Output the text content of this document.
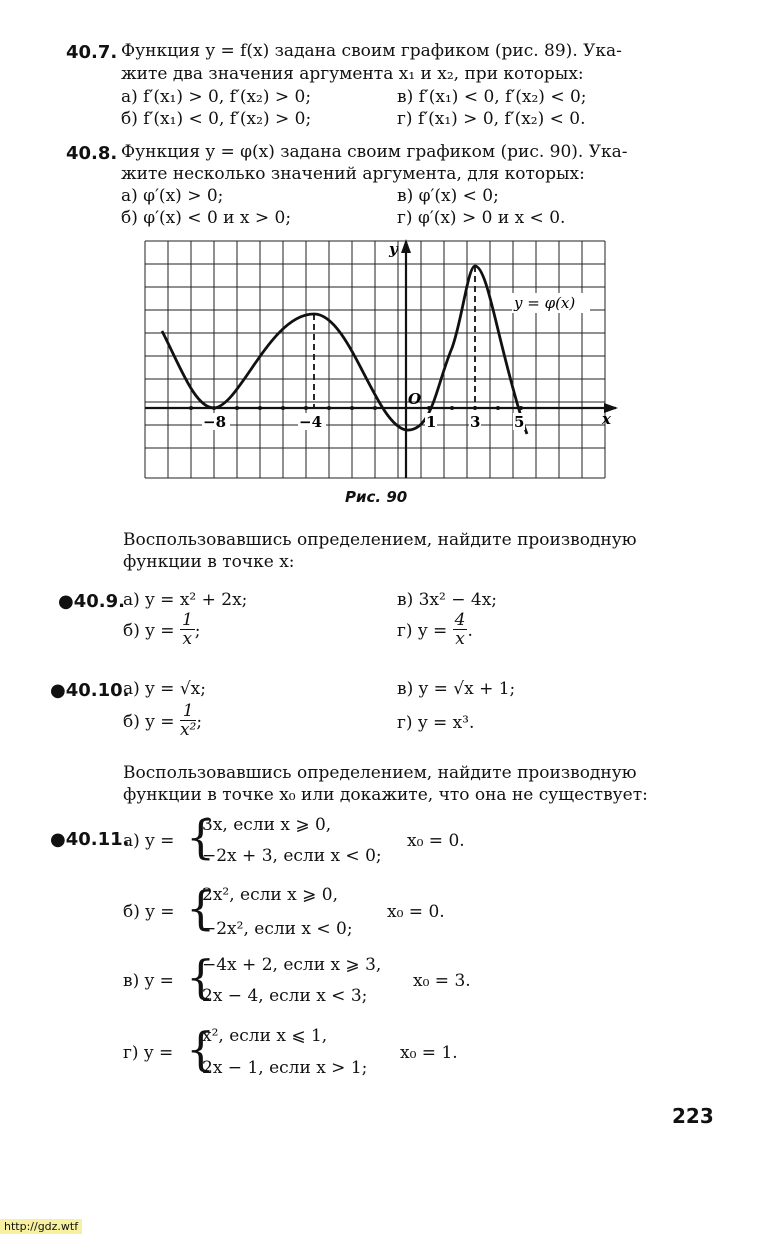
40.7. Функция y = f(x) задана своим графиком (рис. 89). Ука-
жите два значения аргумента x₁ и x₂, при которых:
а) f′(x₁) > 0, f′(x₂) > 0;	в) f′(x₁) < 0, f′(x₂) < 0;
б) f′(x₁) < 0, f′(x₂) > 0;	г) f′(x₁) > 0, f′(x₂) < 0.
40.8. Функция y = φ(x) задана своим графиком (рис. 90). Ука-
жите несколько значений аргумента, для которых:
а) φ′(x) > 0;	в) φ′(x) < 0;
б) φ′(x) < 0 и x > 0;	г) φ′(x) > 0 и x < 0.
y
x
O
y = φ(x)
−8	−4	1 3 5
Рис. 90
Воспользовавшись определением, найдите производную
функции в точке x:
●40.9.
а) y = x² + 2x;	в) 3x² − 4x;
б) $y = \frac{1}{x}$ ;	г) $y = \frac{4}{x}$ .
●40.10.
а) y = √x;	в) y = √x + 1;
б) $y = \frac{1}{\text{x²}}$ ;	г) y = x³.
Воспользовавшись определением, найдите производную
функции в точке x₀ или докажите, что она не существует:
●40.11.
а) y = {
3x, если x ⩾ 0,
−2x + 3, если x < 0;
x₀ = 0.
б) y = {
2x², если x ⩾ 0,
−2x², если x < 0;
x₀ = 0.
в) y = {
−4x + 2, если x ⩾ 3,
2x − 4, если x < 3;
x₀ = 3.
г) y = {
x², если x ⩽ 1,
2x − 1, если x > 1;
x₀ = 1.
223
http://gdz.wtf
